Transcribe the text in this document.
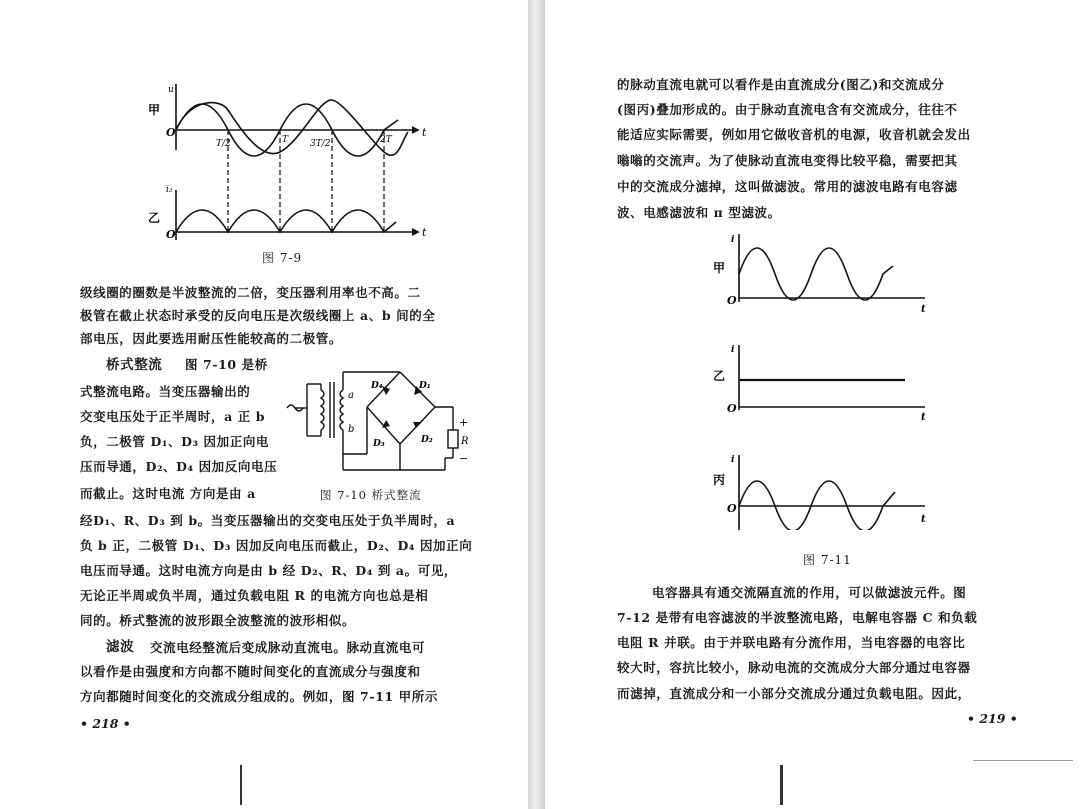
甲
u
O	t
T/2	T 3T/2	2T
乙
i₂
O	t
图 7-9
级线圈的圈数是半波整流的二倍，变压器利用率也不高。二
极管在截止状态时承受的反向电压是次级线圈上 a、b 间的全
部电压，因此要选用耐压性能较高的二极管。
桥式整流 图 7-10 是桥
式整流电路。当变压器输出的
交变电压处于正半周时，a 正 b
负，二极管 D₁、D₃ 因加正向电
压而导通，D₂、D₄ 因加反向电压
而截止。这时电流 方向是由 a
a
b
D₄	D₁
D₃	D₂	R
+
−
图 7-10 桥式整流
经D₁、R、D₃ 到 b。当变压器输出的交变电压处于负半周时，a
负 b 正，二极管 D₁、D₃ 因加反向电压而截止，D₂、D₄ 因加正向
电压而导通。这时电流方向是由 b 经 D₂、R、D₄ 到 a。可见，
无论正半周或负半周，通过负载电阻 R 的电流方向也总是相
同的。桥式整流的波形跟全波整流的波形相似。
滤波 交流电经整流后变成脉动直流电。脉动直流电可
以看作是由强度和方向都不随时间变化的直流成分与强度和
方向都随时间变化的交流成分组成的。例如，图 7-11 甲所示
• 218 •
的脉动直流电就可以看作是由直流成分(图乙)和交流成分
(图丙)叠加形成的。由于脉动直流电含有交流成分，往往不
能适应实际需要，例如用它做收音机的电源，收音机就会发出
嗡嗡的交流声。为了使脉动直流电变得比较平稳，需要把其
中的交流成分滤掉，这叫做滤波。常用的滤波电路有电容滤
波、电感滤波和 π 型滤波。
i
甲
O
t
i
乙
O
t
i
丙
O
t
图 7-11
电容器具有通交流隔直流的作用，可以做滤波元件。图
7-12 是带有电容滤波的半波整流电路，电解电容器 C 和负载
电阻 R 并联。由于并联电路有分流作用，当电容器的电容比
较大时，容抗比较小，脉动电流的交流成分大部分通过电容器
而滤掉，直流成分和一小部分交流成分通过负载电阻。因此，
• 219 •
